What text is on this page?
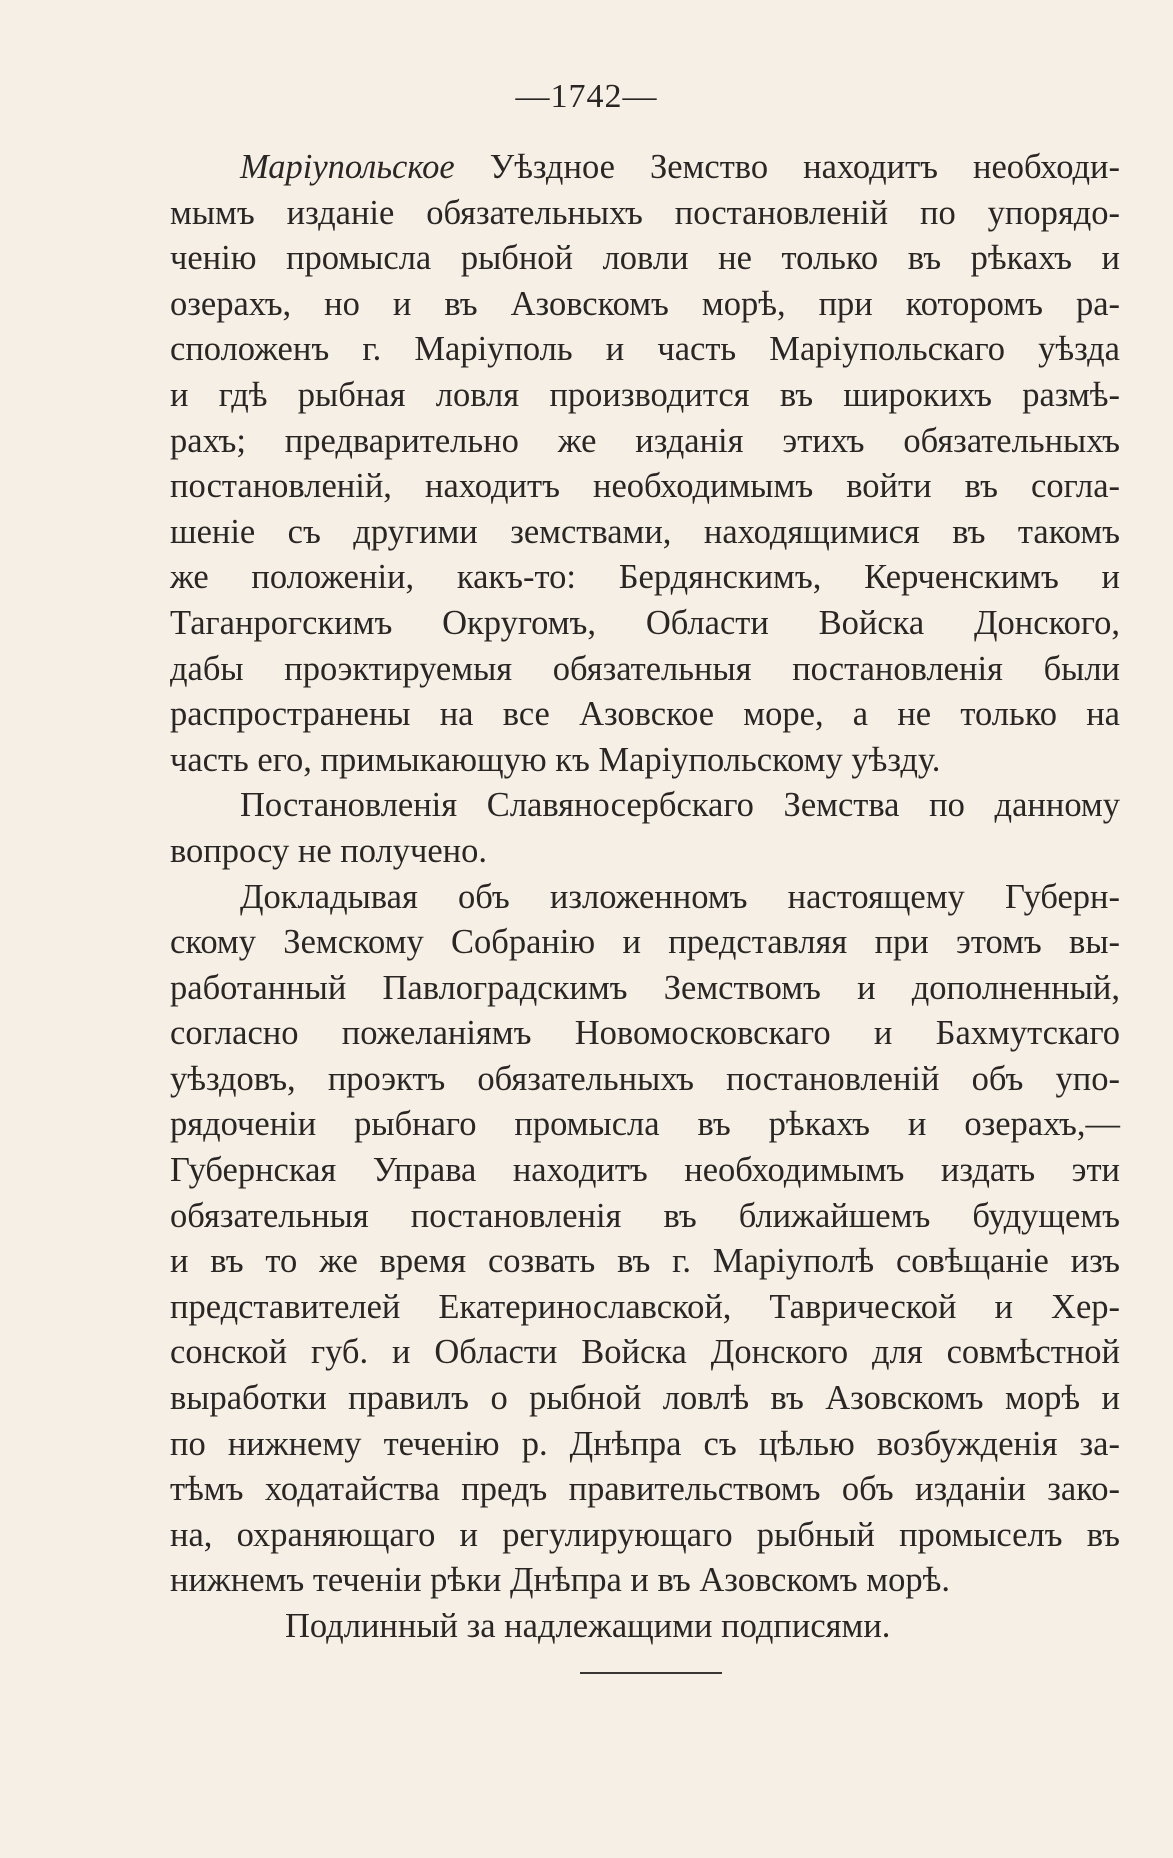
—1742—
Маріупольское Уѣздное Земство находитъ необходи-
мымъ изданіе обязательныхъ постановленій по упорядо-
ченію промысла рыбной ловли не только въ рѣкахъ и
озерахъ, но и въ Азовскомъ морѣ, при которомъ ра-
сположенъ г. Маріуполь и часть Маріупольскаго уѣзда
и гдѣ рыбная ловля производится въ широкихъ размѣ-
рахъ; предварительно же изданія этихъ обязательныхъ
постановленій, находитъ необходимымъ войти въ согла-
шеніе съ другими земствами, находящимися въ такомъ
же положеніи, какъ-то: Бердянскимъ, Керченскимъ и
Таганрогскимъ Округомъ, Области Войска Донского,
дабы проэктируемыя обязательныя постановленія были
распространены на все Азовское море, а не только на
часть его, примыкающую къ Маріупольскому уѣзду.
Постановленія Славяносербскаго Земства по данному
вопросу не получено.
Докладывая объ изложенномъ настоящему Губерн-
скому Земскому Собранію и представляя при этомъ вы-
работанный Павлоградскимъ Земствомъ и дополненный,
согласно пожеланіямъ Новомосковскаго и Бахмутскаго
уѣздовъ, проэктъ обязательныхъ постановленій объ упо-
рядоченіи рыбнаго промысла въ рѣкахъ и озерахъ,—
Губернская Управа находитъ необходимымъ издать эти
обязательныя постановленія въ ближайшемъ будущемъ
и въ то же время созвать въ г. Маріуполѣ совѣщаніе изъ
представителей Екатеринославской, Таврической и Хер-
сонской губ. и Области Войска Донского для совмѣстной
выработки правилъ о рыбной ловлѣ въ Азовскомъ морѣ и
по нижнему теченію р. Днѣпра съ цѣлью возбужденія за-
тѣмъ ходатайства предъ правительствомъ объ изданіи зако-
на, охраняющаго и регулирующаго рыбный промыселъ въ
нижнемъ теченіи рѣки Днѣпра и въ Азовскомъ морѣ.
Подлинный за надлежащими подписями.
